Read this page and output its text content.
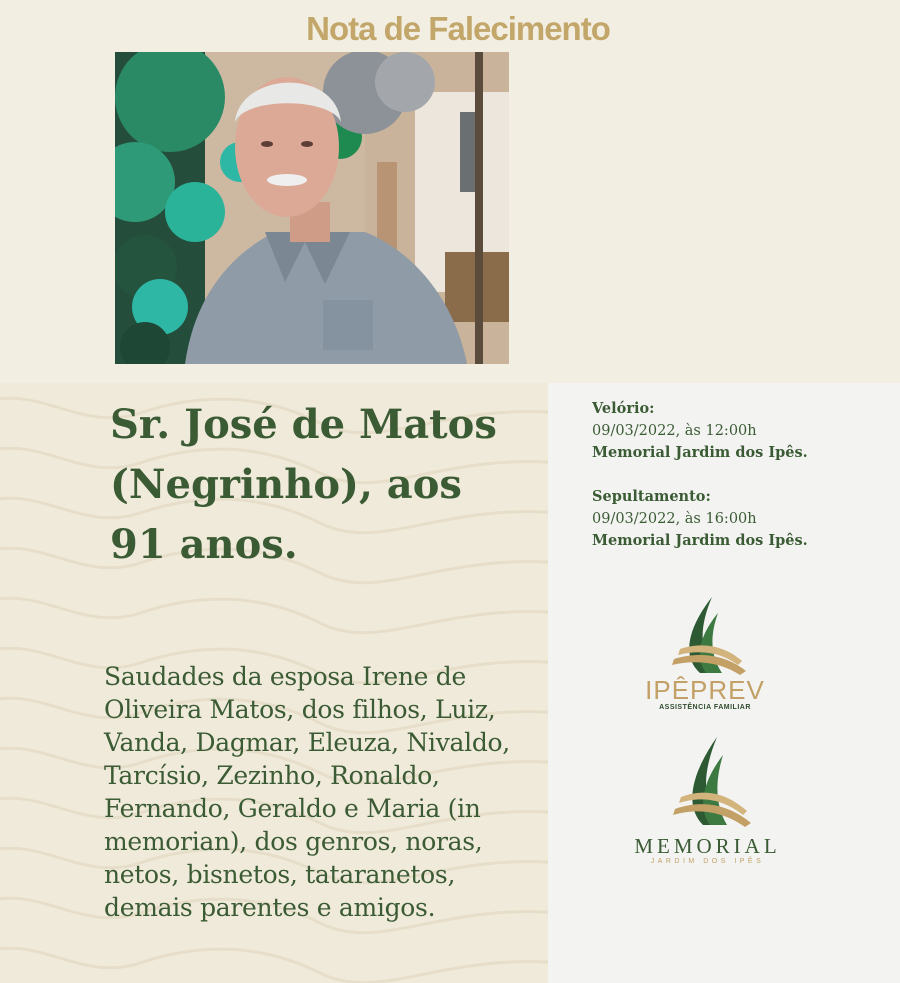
Nota de Falecimento
Sr. José de Matos (Negrinho), aos 91 anos.

Saudades da esposa Irene de Oliveira Matos, dos filhos, Luiz, Vanda, Dagmar, Eleuza, Nivaldo, Tarcísio, Zezinho, Ronaldo, Fernando, Geraldo e Maria (in memorian), dos genros, noras, netos, bisnetos, tataranetos, demais parentes e amigos.

Velório:
09/03/2022, às 12:00h
Memorial Jardim dos Ipês.
Sepultamento:
09/03/2022, às 16:00h
Memorial Jardim dos Ipês.
IPÊPREV
ASSISTÊNCIA FAMILIAR
MEMORIAL
JARDIM DOS IPÊS
